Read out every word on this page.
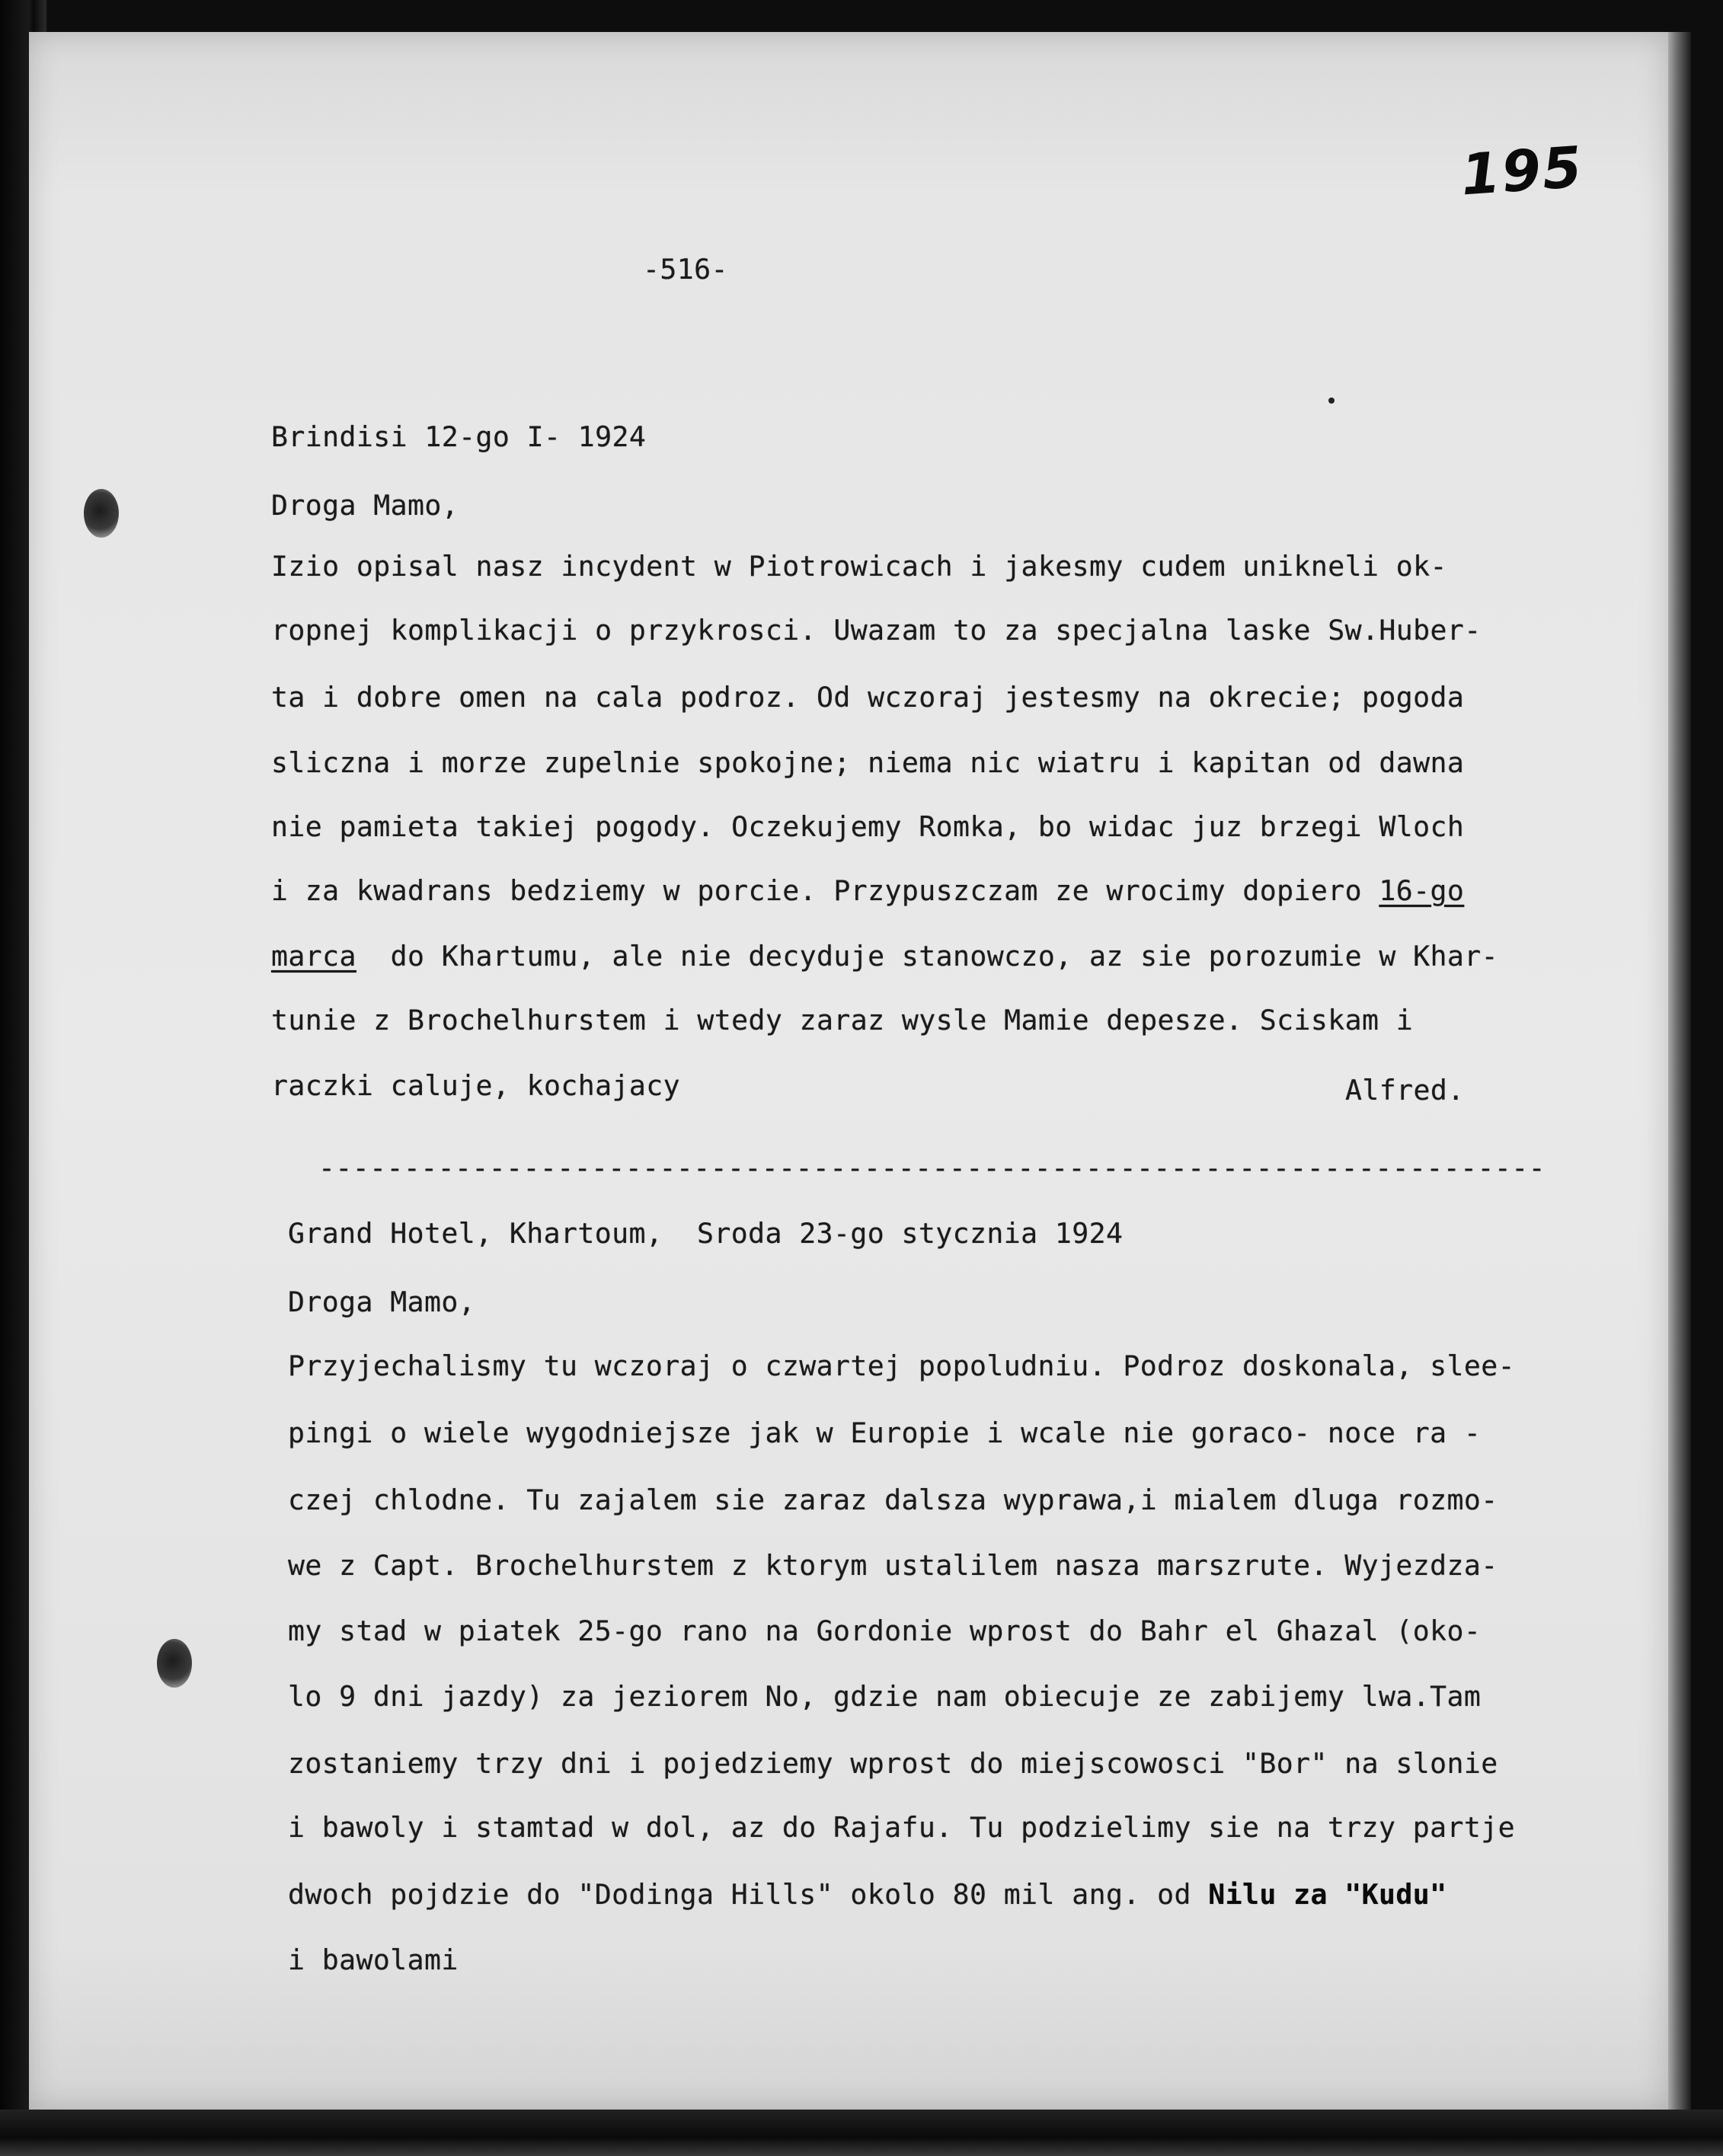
195
-516-
Brindisi 12-go I- 1924
Droga Mamo,
Izio opisal nasz incydent w Piotrowicach i jakesmy cudem unikneli ok-
ropnej komplikacji o przykrosci. Uwazam to za specjalna laske Sw.Huber-
ta i dobre omen na cala podroz. Od wczoraj jestesmy na okrecie; pogoda
sliczna i morze zupelnie spokojne; niema nic wiatru i kapitan od dawna
nie pamieta takiej pogody. Oczekujemy Romka, bo widac juz brzegi Wloch
i za kwadrans bedziemy w porcie. Przypuszczam ze wrocimy dopiero 16-go
marca  do Khartumu, ale nie decyduje stanowczo, az sie porozumie w Khar-
tunie z Brochelhurstem i wtedy zaraz wysle Mamie depesze. Sciskam i
raczki caluje, kochajacy	Alfred.
------------------------------------------------------------------------
Grand Hotel, Khartoum,  Sroda 23-go stycznia 1924
Droga Mamo,
Przyjechalismy tu wczoraj o czwartej popoludniu. Podroz doskonala, slee-
pingi o wiele wygodniejsze jak w Europie i wcale nie goraco- noce ra -
czej chlodne. Tu zajalem sie zaraz dalsza wyprawa,i mialem dluga rozmo-
we z Capt. Brochelhurstem z ktorym ustalilem nasza marszrute. Wyjezdza-
my stad w piatek 25-go rano na Gordonie wprost do Bahr el Ghazal (oko-
lo 9 dni jazdy) za jeziorem No, gdzie nam obiecuje ze zabijemy lwa.Tam
zostaniemy trzy dni i pojedziemy wprost do miejscowosci "Bor" na slonie
i bawoly i stamtad w dol, az do Rajafu. Tu podzielimy sie na trzy partje
dwoch pojdzie do "Dodinga Hills" okolo 80 mil ang. od Nilu za "Kudu"
i bawolami
